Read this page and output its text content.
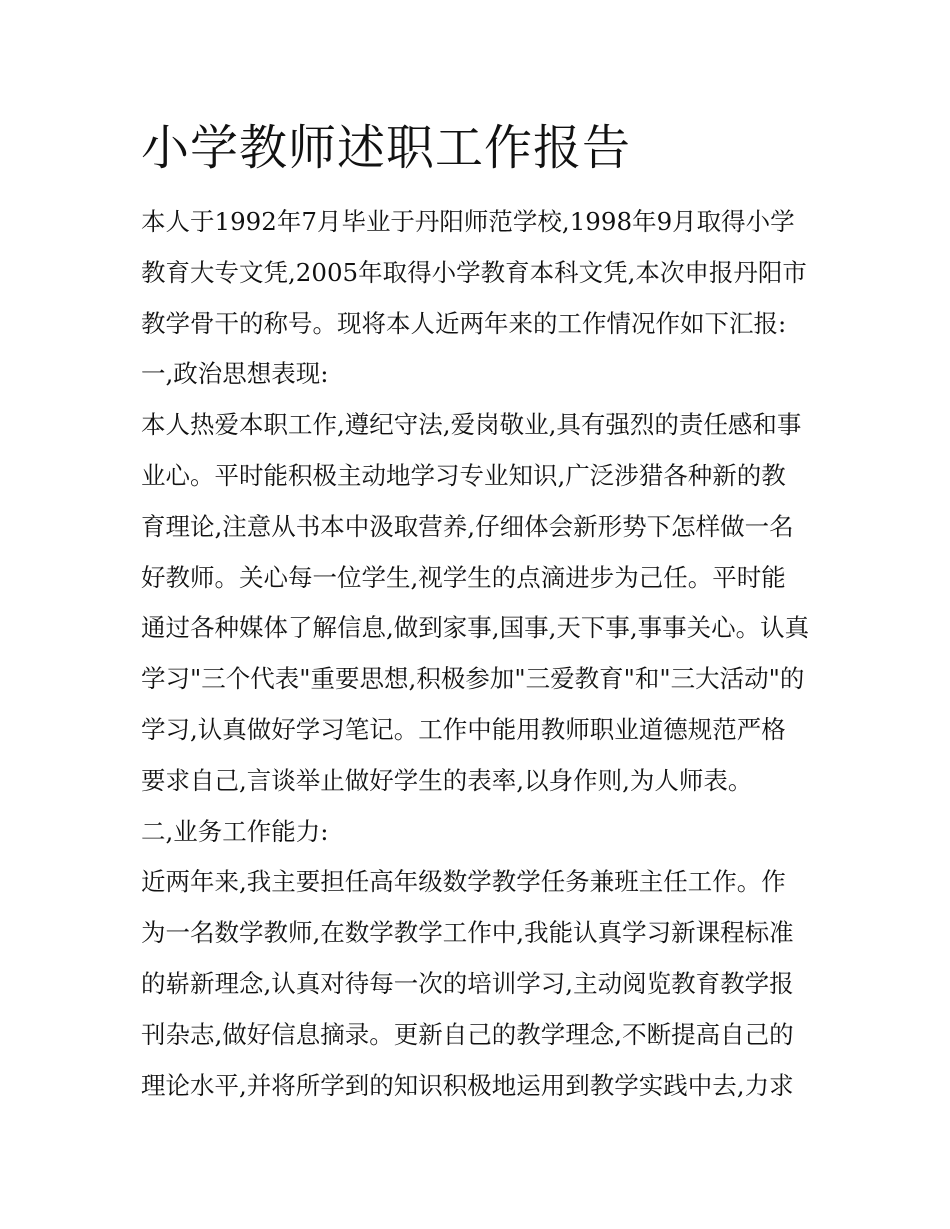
小学教师述职工作报告
本人于1992年7月毕业于丹阳师范学校,1998年9月取得小学
教育大专文凭,2005年取得小学教育本科文凭,本次申报丹阳市
教学骨干的称号。现将本人近两年来的工作情况作如下汇报:
一,政治思想表现:
本人热爱本职工作,遵纪守法,爱岗敬业,具有强烈的责任感和事
业心。平时能积极主动地学习专业知识,广泛涉猎各种新的教
育理论,注意从书本中汲取营养,仔细体会新形势下怎样做一名
好教师。关心每一位学生,视学生的点滴进步为己任。平时能
通过各种媒体了解信息,做到家事,国事,天下事,事事关心。认真
学习"三个代表"重要思想,积极参加"三爱教育"和"三大活动"的
学习,认真做好学习笔记。工作中能用教师职业道德规范严格
要求自己,言谈举止做好学生的表率,以身作则,为人师表。
二,业务工作能力:
近两年来,我主要担任高年级数学教学任务兼班主任工作。作
为一名数学教师,在数学教学工作中,我能认真学习新课程标准
的崭新理念,认真对待每一次的培训学习,主动阅览教育教学报
刊杂志,做好信息摘录。更新自己的教学理念,不断提高自己的
理论水平,并将所学到的知识积极地运用到教学实践中去,力求
